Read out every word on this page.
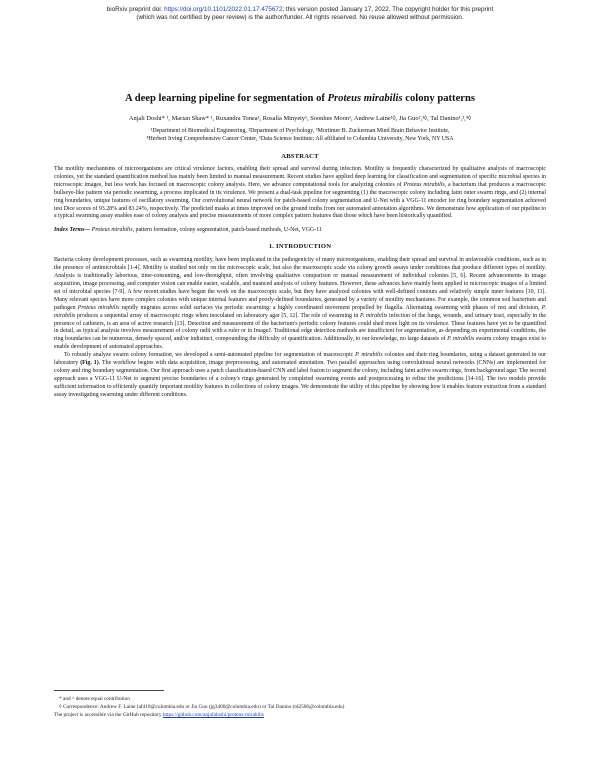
bioRxiv preprint doi: https://doi.org/10.1101/2022.01.17.475672; this version posted January 17, 2022. The copyright holder for this preprint
(which was not certified by peer review) is the author/funder. All rights reserved. No reuse allowed without permission.
A deep learning pipeline for segmentation of Proteus mirabilis colony patterns
Anjali Doshi* ¹, Marian Shaw* ¹, Ruxandra Tonea¹, Rosalía Minyety¹, Soonhee Moon¹, Andrew Laine¹◊, Jia Guo²,³◊, Tal Danino¹,³,⁴◊
¹Department of Biomedical Engineering, ²Department of Psychology, ³Mortimer B. Zuckerman Mind Brain Behavior Institute,
⁴Herbert Irving Comprehensive Cancer Center, ⁵Data Science Institute; All affiliated to Columbia University, New York, NY USA
ABSTRACT

The motility mechanisms of microorganisms are critical virulence factors, enabling their spread and survival during infection. Motility is frequently characterized by qualitative analysis of macroscopic colonies, yet the standard quantification method has mainly been limited to manual measurement. Recent studies have applied deep learning for classification and segmentation of specific microbial species in microscopic images, but less work has focused on macroscopic colony analysis. Here, we advance computational tools for analyzing colonies of Proteus mirabilis, a bacterium that produces a macroscopic bullseye-like pattern via periodic swarming, a process implicated in its virulence. We present a dual-task pipeline for segmenting (1) the macroscopic colony including faint outer swarm rings, and (2) internal ring boundaries, unique features of oscillatory swarming. Our convolutional neural network for patch-based colony segmentation and U-Net with a VGG-11 encoder for ring boundary segmentation achieved test Dice scores of 93.28% and 83.24%, respectively. The predicted masks at times improved on the ground truths from our automated annotation algorithms. We demonstrate how application of our pipeline to a typical swarming assay enables ease of colony analysis and precise measurements of more complex pattern features than those which have been historically quantified.

Index Terms— Proteus mirabilis, pattern formation, colony segmentation, patch-based methods, U-Net, VGG-11
1. INTRODUCTION

Bacteria colony development processes, such as swarming motility, have been implicated in the pathogenicity of many microorganisms, enabling their spread and survival in unfavorable conditions, such as in the presence of antimicrobials [1-4]. Motility is studied not only on the microscopic scale, but also the macroscopic scale via colony growth assays under conditions that produce different types of motility. Analysis is traditionally laborious, time-consuming, and low-throughput, often involving qualitative comparison or manual measurement of individual colonies [5, 6]. Recent advancements in image acquisition, image processing, and computer vision can enable easier, scalable, and nuanced analysis of colony features. However, these advances have mainly been applied to microscopic images of a limited set of microbial species [7-9]. A few recent studies have begun the work on the macroscopic scale, but they have analyzed colonies with well-defined contours and relatively simple inner features [10, 11]. Many relevant species have more complex colonies with unique internal features and poorly-defined boundaries, generated by a variety of motility mechanisms. For example, the common soil bacterium and pathogen Proteus mirabilis rapidly migrates across solid surfaces via periodic swarming: a highly coordinated movement propelled by flagella. Alternating swarming with phases of rest and division, P. mirabilis produces a sequential array of macroscopic rings when inoculated on laboratory agar [5, 12]. The role of swarming in P. mirabilis infection of the lungs, wounds, and urinary tract, especially in the presence of catheters, is an area of active research [13]. Detection and measurement of the bacterium's periodic colony features could shed more light on its virulence. These features have yet to be quantified in detail, as typical analysis involves measurement of colony radii with a ruler or in ImageJ. Traditional edge detection methods are insufficient for segmentation, as depending on experimental conditions, the ring boundaries can be numerous, densely spaced, and/or indistinct, compounding the difficulty of quantification. Additionally, to our knowledge, no large datasets of P. mirabilis swarm colony images exist to enable development of automated approaches.

To robustly analyze swarm colony formation, we developed a semi-automated pipeline for segmentation of macroscopic P. mirabilis colonies and their ring boundaries, using a dataset generated in our laboratory (Fig. 1). The workflow begins with data acquisition, image preprocessing, and automated annotation. Two parallel approaches using convolutional neural networks (CNNs) are implemented for colony and ring boundary segmentation. Our first approach uses a patch classification-based CNN and label fusion to segment the colony, including faint active swarm rings, from background agar. The second approach uses a VGG-11 U-Net to segment precise boundaries of a colony's rings generated by completed swarming events and postprocessing to refine the predictions [14-16]. The two models provide sufficient information to efficiently quantify important motility features in collections of colony images. We demonstrate the utility of this pipeline by showing how it enables feature extraction from a standard assay investigating swarming under different conditions.

* and ^ denote equal contribution
◊ Correspondence: Andrew F. Laine (af418@columbia.edu or Jia Guo (jg3400@columbia.edu) or Tal Danino (td2506@columbia.edu)
The project is accessible via the GitHub repository https://github.com/anjalidoshi/proteus-mirabilis
